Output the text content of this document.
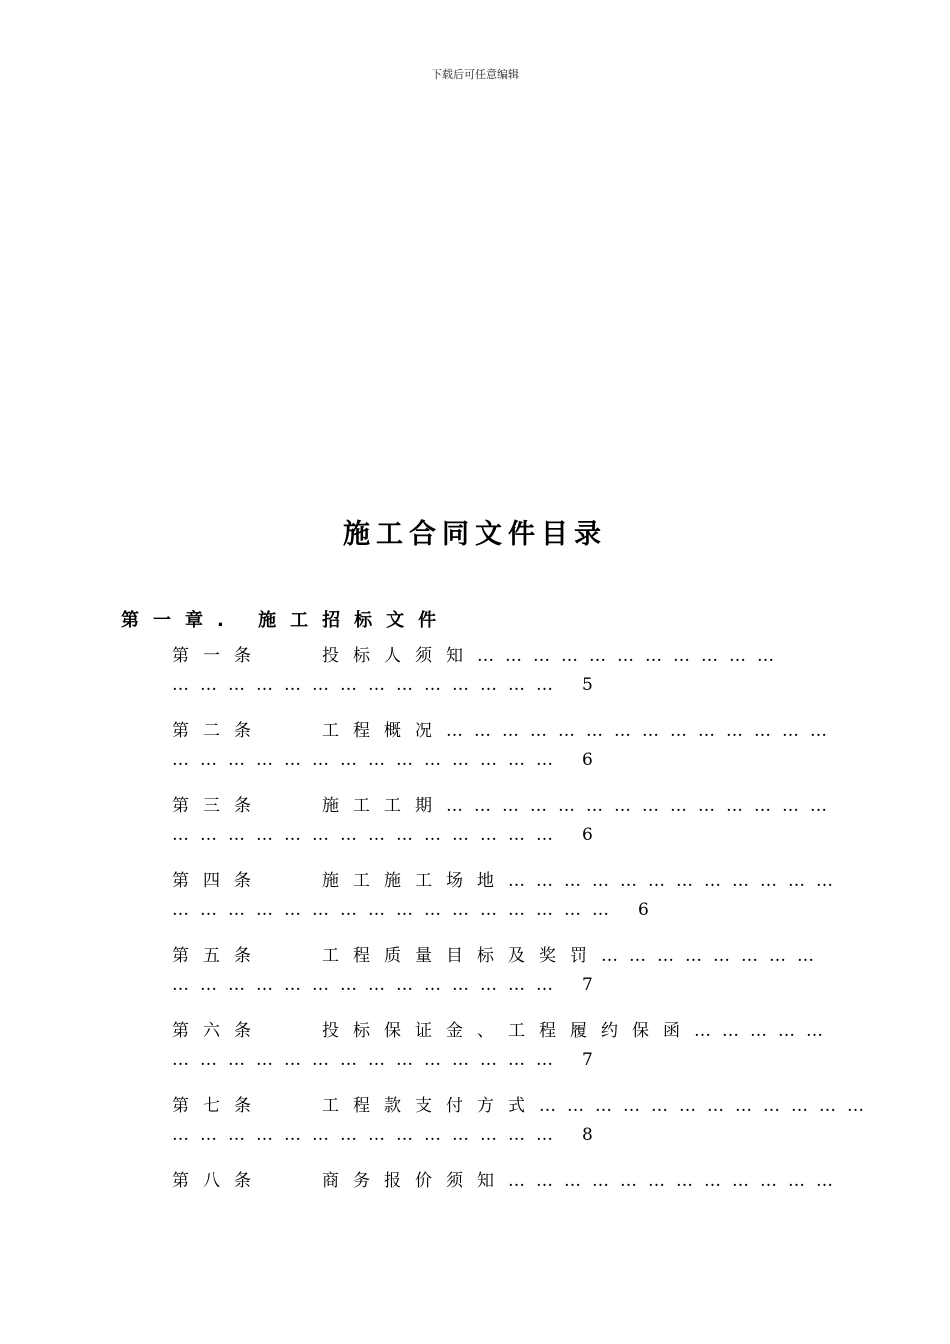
下载后可任意编辑
施工合同文件目录
第一章. 施工招标文件
第一条	投标人须知……………………………
…………………………………… 5
第二条	工程概况……………………………………
…………………………………… 6
第三条	施工工期……………………………………
…………………………………… 6
第四条	施工施工场地………………………………
………………………………………… 6
第五条	工程质量目标及奖罚……………………
…………………………………… 7
第六条	投标保证金、工程履约保函……………
…………………………………… 7
第七条	工程款支付方式………………………………
…………………………………… 8
第八条	商务报价须知………………………………
